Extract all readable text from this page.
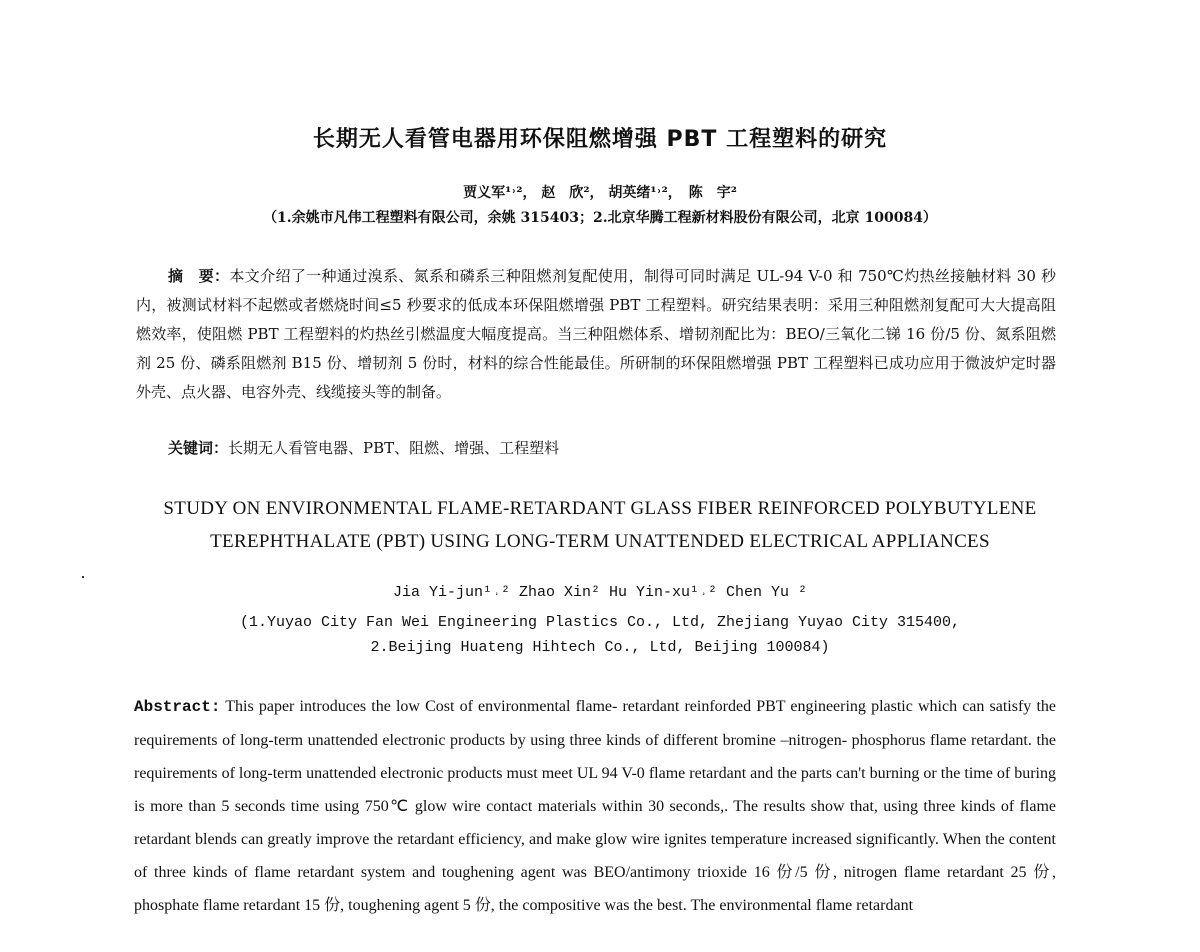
长期无人看管电器用环保阻燃增强 PBT 工程塑料的研究

贾义军¹˒²， 赵　欣²， 胡英绪¹˒²，　陈　宇²

（1.余姚市凡伟工程塑料有限公司，余姚 315403；2.北京华腾工程新材料股份有限公司，北京 100084）

摘　要：本文介绍了一种通过溴系、氮系和磷系三种阻燃剂复配使用，制得可同时满足 UL-94 V-0 和 750℃灼热丝接触材料 30 秒内，被测试材料不起燃或者燃烧时间≤5 秒要求的低成本环保阻燃增强 PBT 工程塑料。研究结果表明：采用三种阻燃剂复配可大大提高阻燃效率，使阻燃 PBT 工程塑料的灼热丝引燃温度大幅度提高。当三种阻燃体系、增韧剂配比为：BEO/三氧化二锑 16 份/5 份、氮系阻燃剂 25 份、磷系阻燃剂 B15 份、增韧剂 5 份时，材料的综合性能最佳。所研制的环保阻燃增强 PBT 工程塑料已成功应用于微波炉定时器外壳、点火器、电容外壳、线缆接头等的制备。

关键词：长期无人看管电器、PBT、阻燃、增强、工程塑料

STUDY ON ENVIRONMENTAL FLAME-RETARDANT GLASS FIBER REINFORCED POLYBUTYLENE TEREPHTHALATE (PBT) USING LONG-TERM UNATTENDED ELECTRICAL APPLIANCES

Jia Yi-jun¹˒² Zhao Xin² Hu Yin-xu¹˒² Chen Yu ²

(1.Yuyao City Fan Wei Engineering Plastics Co., Ltd, Zhejiang Yuyao City 315400,
2.Beijing Huateng Hihtech Co., Ltd, Beijing 100084)

Abstract: This paper introduces the low Cost of environmental flame- retardant reinforded PBT engineering plastic which can satisfy the requirements of long-term unattended electronic products by using three kinds of different bromine –nitrogen- phosphorus flame retardant. the requirements of long-term unattended electronic products must meet UL 94 V-0 flame retardant and the parts can't burning or the time of buring is more than 5 seconds time using 750℃ glow wire contact materials within 30 seconds,. The results show that, using three kinds of flame retardant blends can greatly improve the retardant efficiency, and make glow wire ignites temperature increased significantly. When the content of three kinds of flame retardant system and toughening agent was BEO/antimony trioxide 16 份/5 份, nitrogen flame retardant 25 份, phosphate flame retardant 15 份, toughening agent 5 份, the compositive was the best. The environmental flame retardant
